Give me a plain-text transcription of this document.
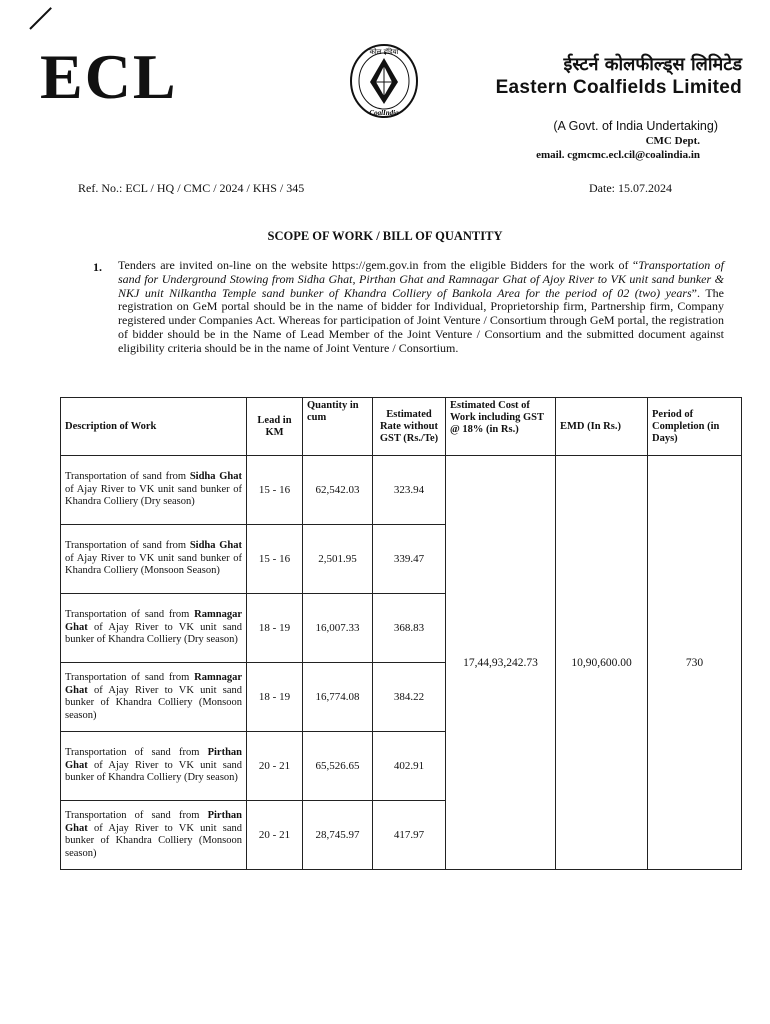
ECL	कोल इंडिया
CoalIndia
ईस्टर्न कोलफील्ड्स लिमिटेड
Eastern Coalfields Limited
(A Govt. of India Undertaking)
CMC Dept.
email. cgmcmc.ecl.cil@coalindia.in
Ref. No.: ECL / HQ / CMC / 2024 / KHS / 345	Date: 15.07.2024
SCOPE OF WORK / BILL OF QUANTITY
1. Tenders are invited on-line on the website https://gem.gov.in from the eligible Bidders for the work of “Transportation of sand for Underground Stowing from Sidha Ghat, Pirthan Ghat and Ramnagar Ghat of Ajoy River to VK unit sand bunker & NKJ unit Nilkantha Temple sand bunker of Khandra Colliery of Bankola Area for the period of 02 (two) years”. The registration on GeM portal should be in the name of bidder for Individual, Proprietorship firm, Partnership firm, Company registered under Companies Act. Whereas for participation of Joint Venture / Consortium through GeM portal, the registration of bidder should be in the Name of Lead Member of the Joint Venture / Consortium and the submitted document against eligibility criteria should be in the name of Joint Venture / Consortium.
Description of Work	Lead in KM	Quantity in cum	Estimated Rate without GST (Rs./Te)	Estimated Cost of Work including GST @ 18% (in Rs.)	EMD (In Rs.)	Period of Completion (in Days)
Transportation of sand from Sidha Ghat of Ajay River to VK unit sand bunker of Khandra Colliery (Dry season)	15 - 16	62,542.03	323.94	17,44,93,242.73	10,90,600.00	730
Transportation of sand from Sidha Ghat of Ajay River to VK unit sand bunker of Khandra Colliery (Monsoon Season)	15 - 16	2,501.95	339.47			
Transportation of sand from Ramnagar Ghat of Ajay River to VK unit sand bunker of Khandra Colliery (Dry season)	18 - 19	16,007.33	368.83			
Transportation of sand from Ramnagar Ghat of Ajay River to VK unit sand bunker of Khandra Colliery (Monsoon season)	18 - 19	16,774.08	384.22			
Transportation of sand from Pirthan Ghat of Ajay River to VK unit sand bunker of Khandra Colliery (Dry season)	20 - 21	65,526.65	402.91			
Transportation of sand from Pirthan Ghat of Ajay River to VK unit sand bunker of Khandra Colliery (Monsoon season)	20 - 21	28,745.97	417.97			
